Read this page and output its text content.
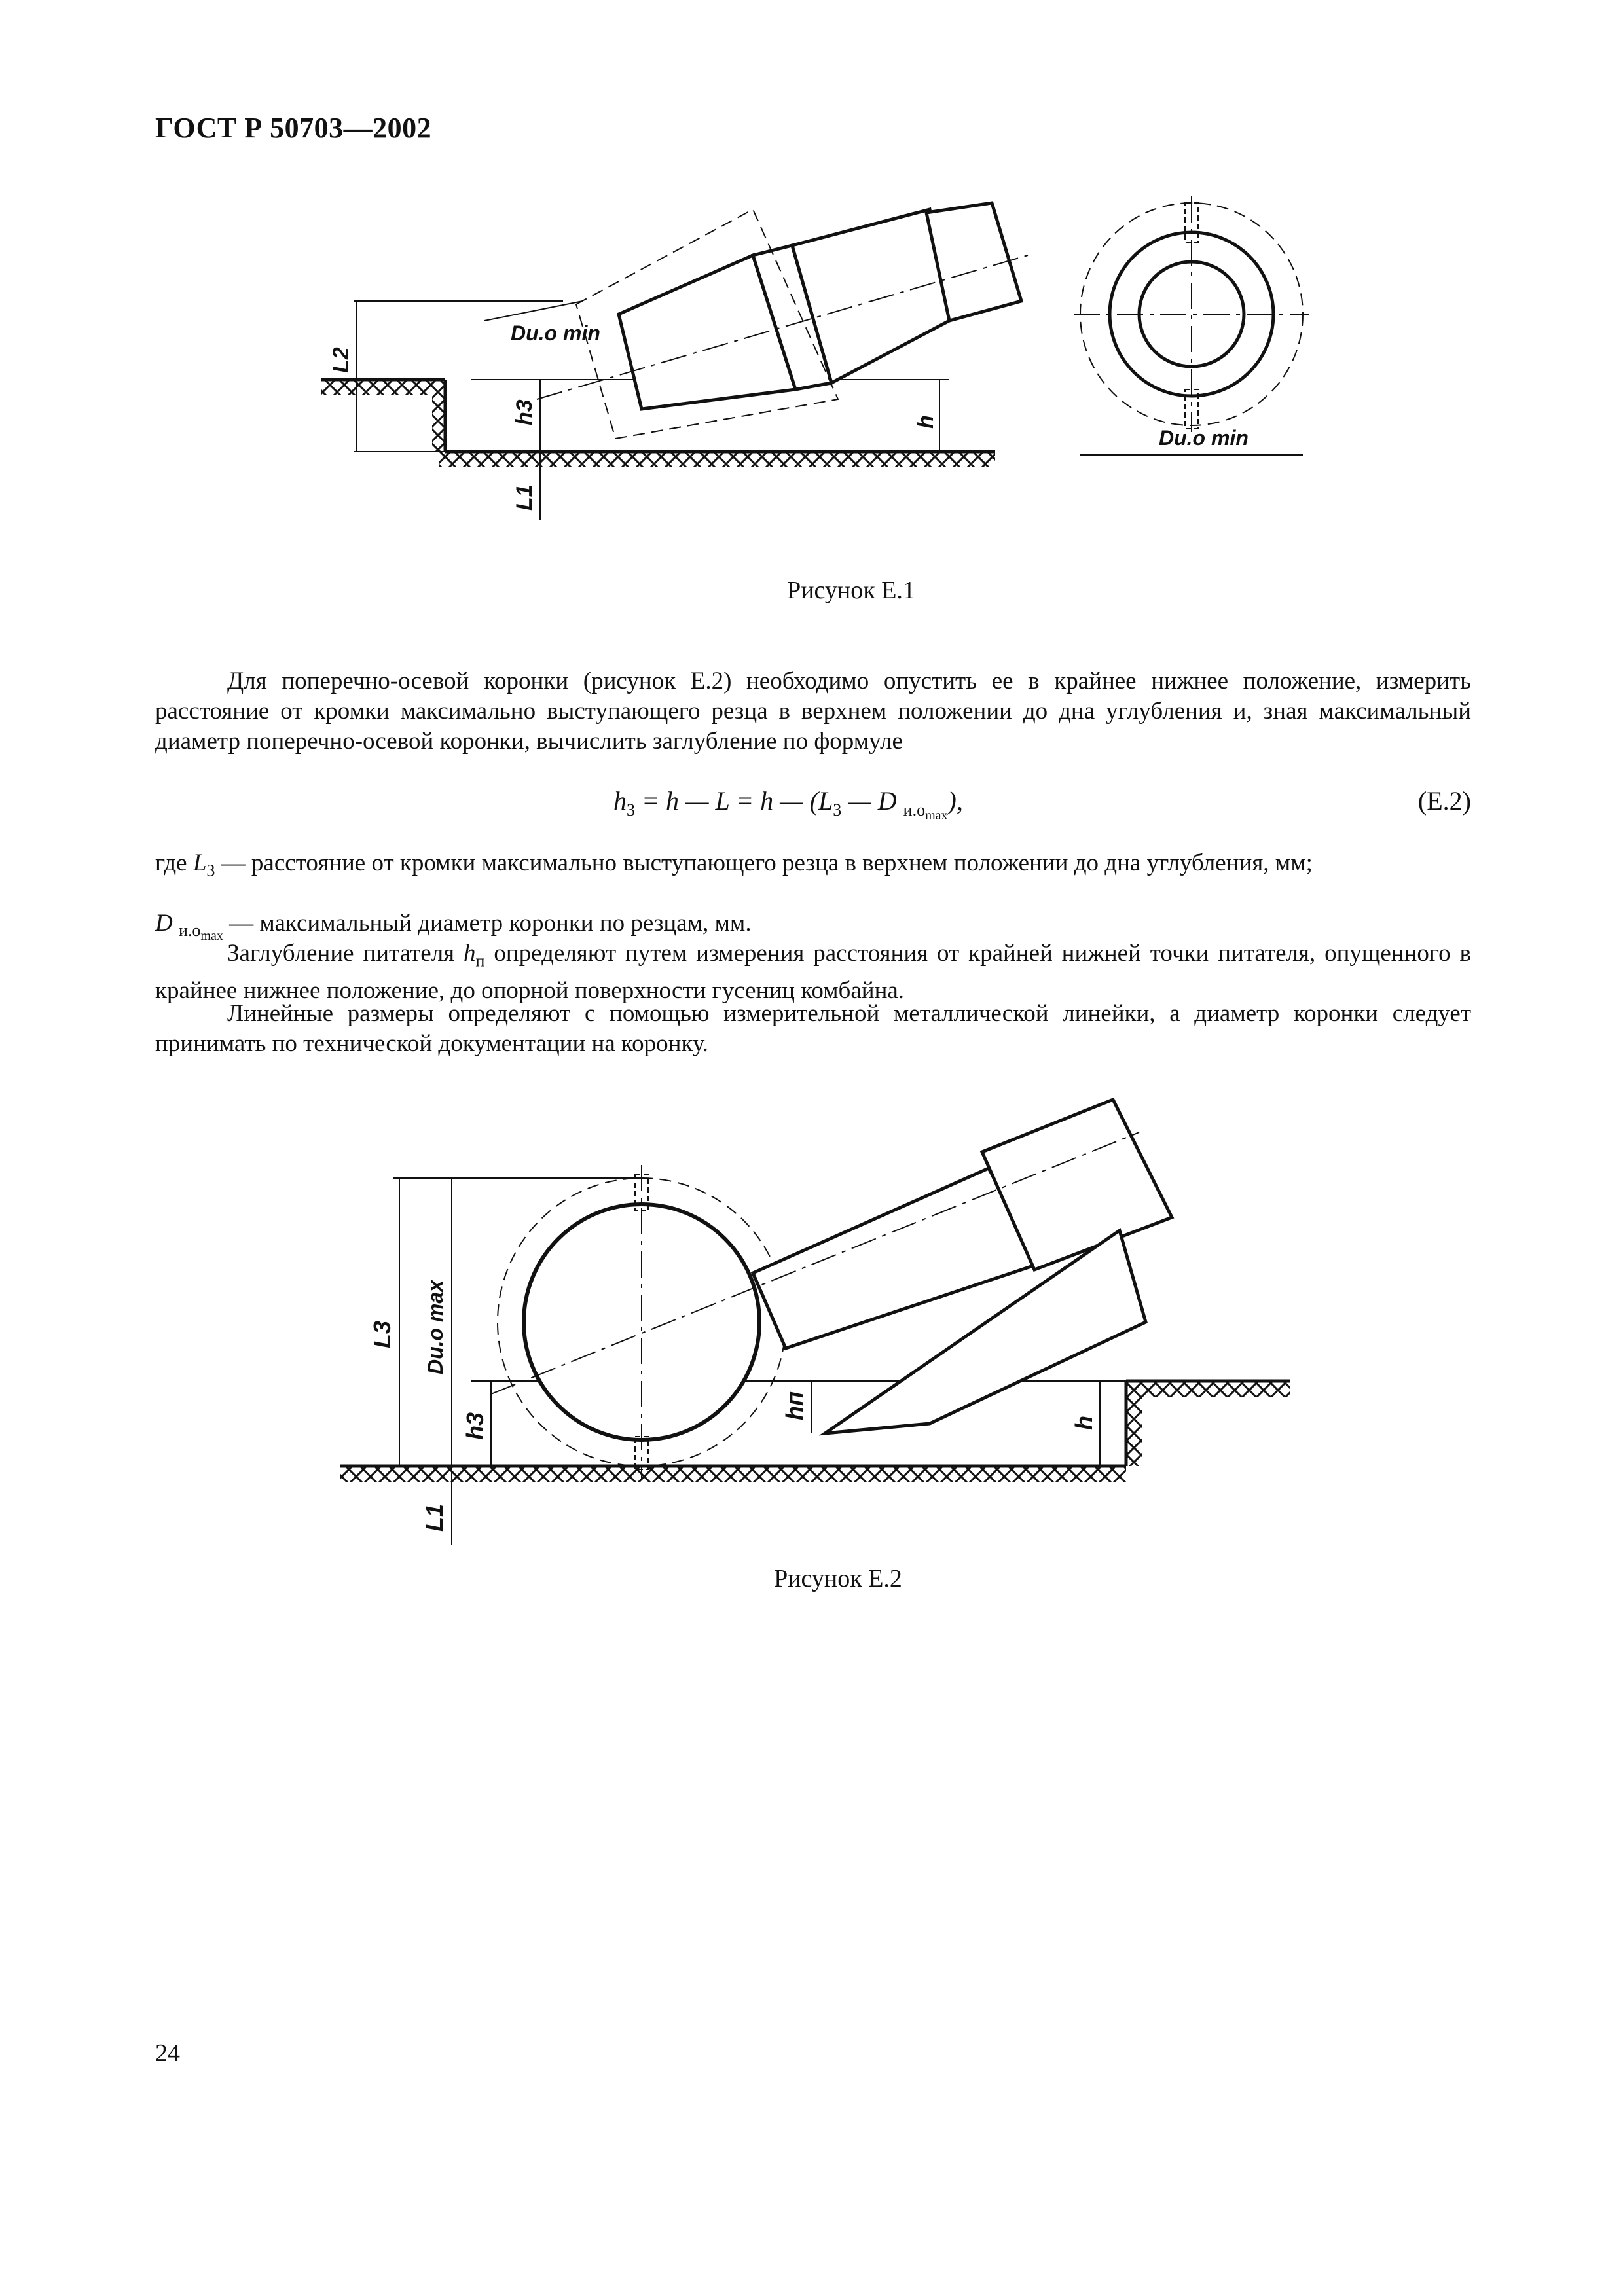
ГОСТ Р 50703—2002
L2
h3
L1
h
Dи.o min
Dи.o min
Рисунок Е.1
Для поперечно-осевой коронки (рисунок Е.2) необходимо опустить ее в крайнее нижнее положение, измерить расстояние от кромки максимально выступающего резца в верхнем положении до дна углубления и, зная максимальный диаметр поперечно-осевой коронки, вычислить заглубление по формуле
$h_3 = h$ — L = h — ($L_3$ — D $_{и.о_{max}}$),	(Е.2)
где $L_3$ — расстояние от кромки максимально выступающего резца в верхнем положении до дна углубления, мм;
D $_{и.о_{max}}$ — максимальный диаметр коронки по резцам, мм.
Заглубление питателя $h_п$ определяют путем измерения расстояния от крайней нижней точки питателя, опущенного в крайнее нижнее положение, до опорной поверхности гусениц комбайна.
Линейные размеры определяют с помощью измерительной металлической линейки, а диаметр коронки следует принимать по технической документации на коронку.
L3 Dи.o max
h3
L1
hп
h
Рисунок Е.2
24
